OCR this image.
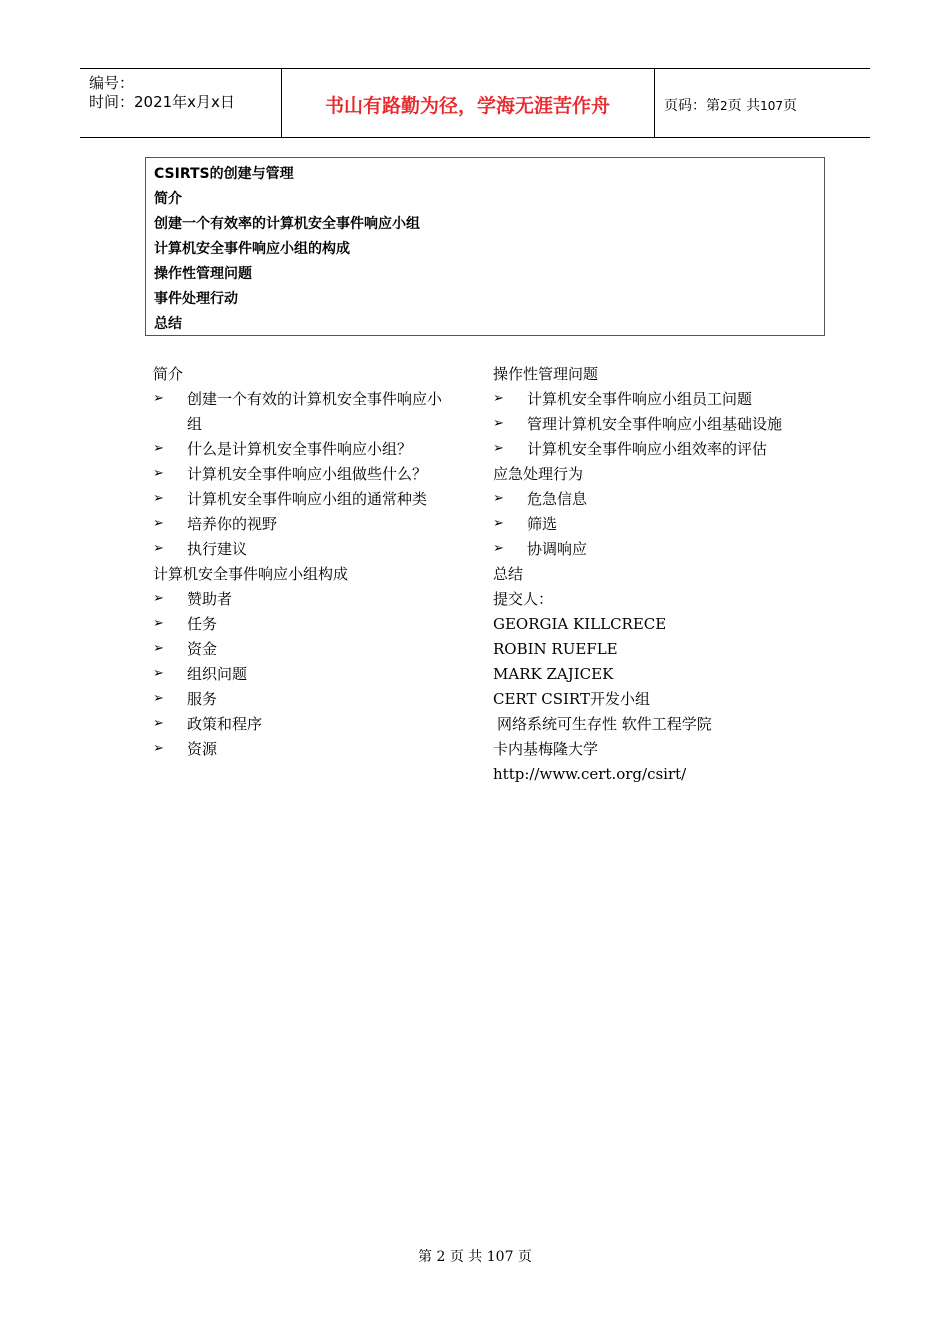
编号：
时间：2021年x月x日	书山有路勤为径，学海无涯苦作舟	页码：第2页 共107页
CSIRTS的创建与管理
简介
创建一个有效率的计算机安全事件响应小组
计算机安全事件响应小组的构成
操作性管理问题
事件处理行动
总结
简介
➢ 创建一个有效的计算机安全事件响应小
组
➢ 什么是计算机安全事件响应小组？
➢ 计算机安全事件响应小组做些什么？
➢ 计算机安全事件响应小组的通常种类
➢ 培养你的视野
➢ 执行建议
计算机安全事件响应小组构成
➢ 赞助者
➢ 任务
➢ 资金
➢ 组织问题
➢ 服务
➢ 政策和程序
➢ 资源
操作性管理问题
➢ 计算机安全事件响应小组员工问题
➢ 管理计算机安全事件响应小组基础设施
➢ 计算机安全事件响应小组效率的评估
应急处理行为
➢ 危急信息
➢ 筛选
➢ 协调响应
总结
提交人：
GEORGIA KILLCRECE
ROBIN RUEFLE
MARK ZAJICEK
CERT CSIRT开发小组
网络系统可生存性 软件工程学院
卡内基梅隆大学
http://www.cert.org/csirt/
第 2 页 共 107 页
